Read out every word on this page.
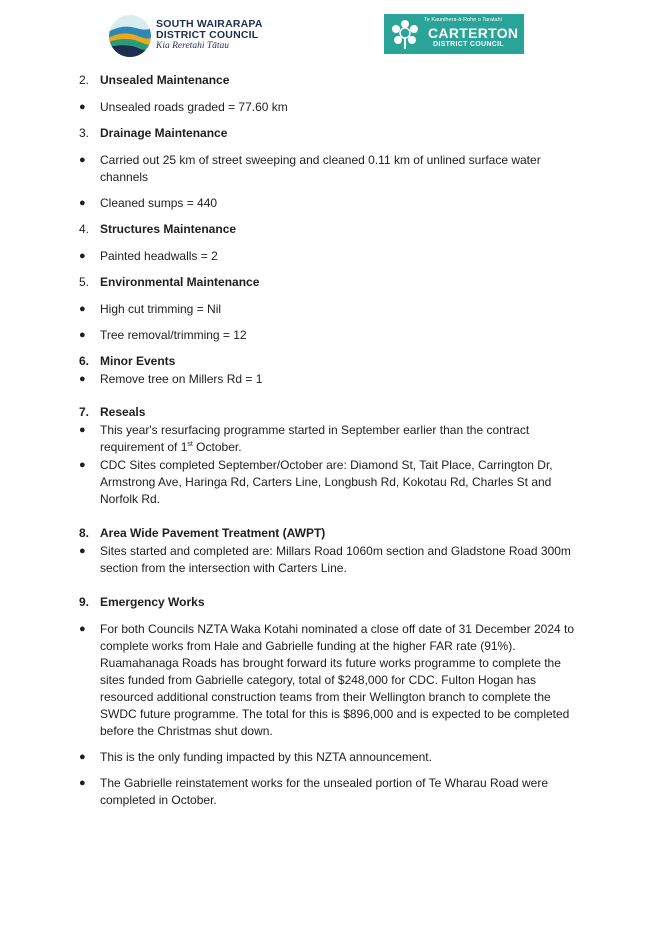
SOUTH WAIRARAPA
DISTRICT COUNCIL
Kia Reretahi Tātau
Te Kaunihera-ā-Rohe o Taratahi
CARTERTON
DISTRICT COUNCIL
2. Unsealed Maintenance
● Unsealed roads graded = 77.60 km
3. Drainage Maintenance
● Carried out 25 km of street sweeping and cleaned 0.11 km of unlined surface water channels
● Cleaned sumps = 440
4. Structures Maintenance
● Painted headwalls = 2
5. Environmental Maintenance
● High cut trimming = Nil
● Tree removal/trimming = 12
6. Minor Events
● Remove tree on Millers Rd = 1
7. Reseals
● This year's resurfacing programme started in September earlier than the contract requirement of 1st October.
● CDC Sites completed September/October are: Diamond St, Tait Place, Carrington Dr, Armstrong Ave, Haringa Rd, Carters Line, Longbush Rd, Kokotau Rd, Charles St and Norfolk Rd.
8. Area Wide Pavement Treatment (AWPT)
● Sites started and completed are: Millars Road 1060m section and Gladstone Road 300m section from the intersection with Carters Line.
9. Emergency Works
● For both Councils NZTA Waka Kotahi nominated a close off date of 31 December 2024 to complete works from Hale and Gabrielle funding at the higher FAR rate (91%). Ruamahanaga Roads has brought forward its future works programme to complete the sites funded from Gabrielle category, total of $248,000 for CDC. Fulton Hogan has resourced additional construction teams from their Wellington branch to complete the SWDC future programme. The total for this is $896,000 and is expected to be completed before the Christmas shut down.
● This is the only funding impacted by this NZTA announcement.
● The Gabrielle reinstatement works for the unsealed portion of Te Wharau Road were completed in October.
